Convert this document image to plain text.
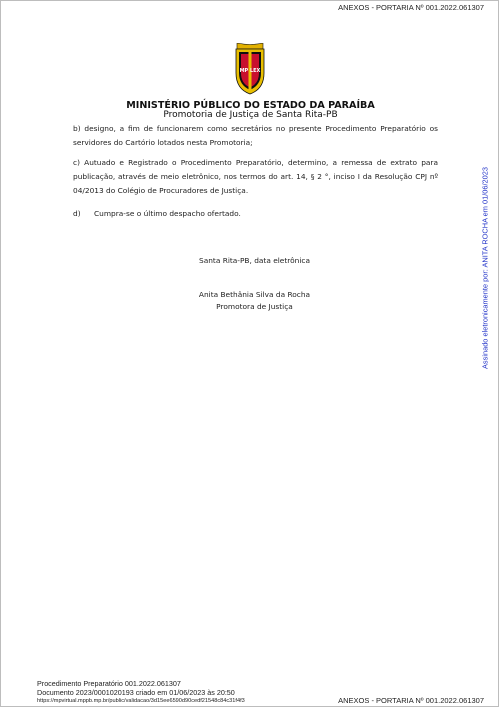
ANEXOS - PORTARIA Nº 001.2022.061307
MP LEX
MINISTÉRIO PÚBLICO DO ESTADO DA PARAÍBA
Promotoria de Justiça de Santa Rita-PB
b) designo, a fim de funcionarem como secretários no presente Procedimento Preparatório os servidores do Cartório lotados nesta Promotoria;
c) Autuado e Registrado o Procedimento Preparatório, determino, a remessa de extrato para publicação, através de meio eletrônico, nos termos do art. 14, § 2 °, inciso I da Resolução CPJ nº 04/2013 do Colégio de Procuradores de Justiça.
d) Cumpra-se o último despacho ofertado.
Santa Rita-PB, data eletrônica
Anita Bethânia Silva da Rocha
Promotora de Justiça	Assinado eletronicamente por: ANITA ROCHA em 01/06/2023
Procedimento Preparatório 001.2022.061307
Documento 2023/0001020193 criado em 01/06/2023 às 20:50
https://mpvirtual.mppb.mp.br/public/validacao/3d15ee6590d90cedf21548c84c31f4f3	ANEXOS - PORTARIA Nº 001.2022.061307
